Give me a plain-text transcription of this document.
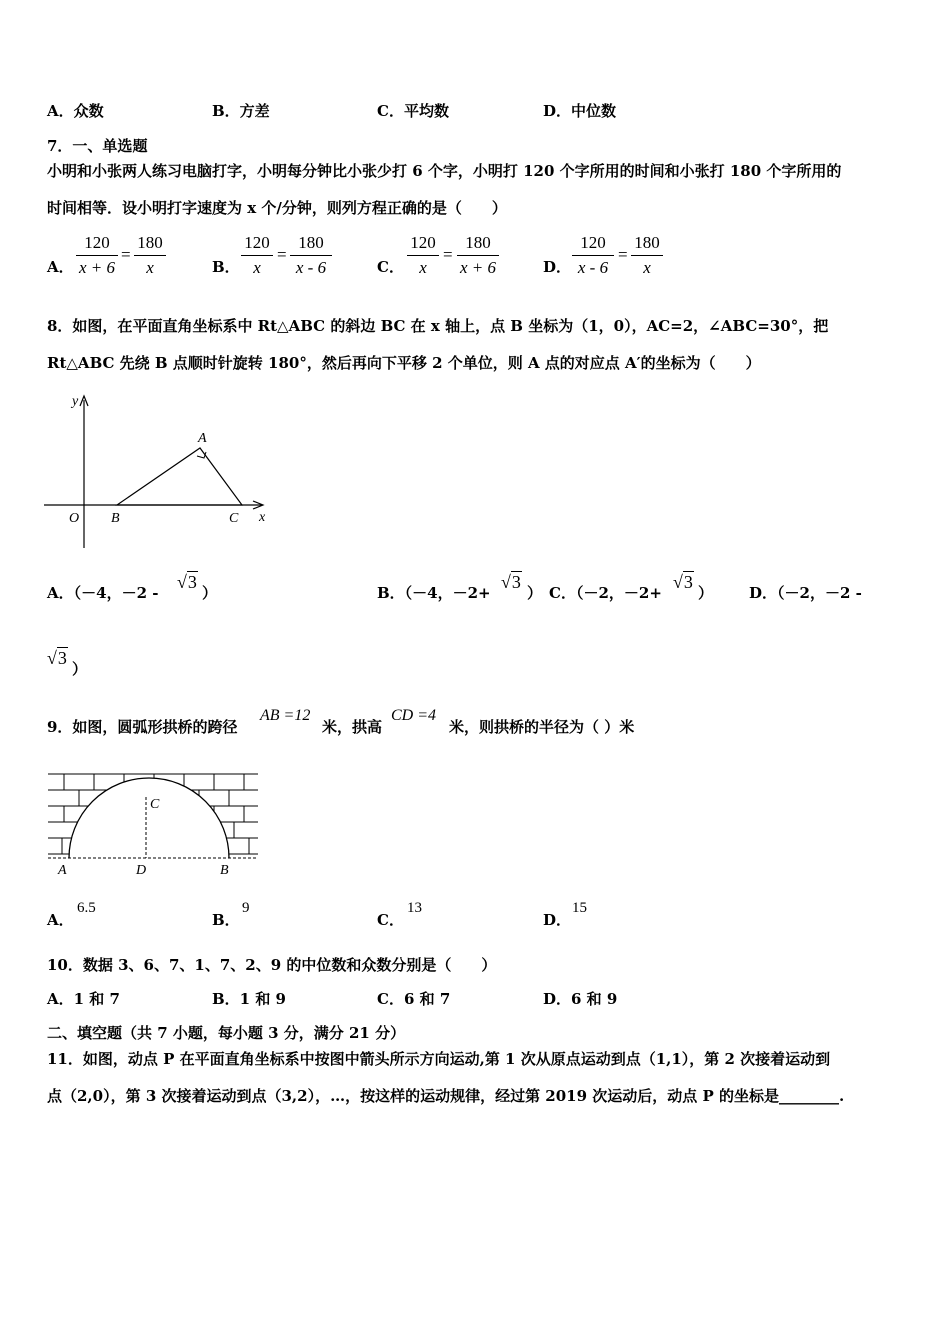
A．众数	B．方差	C．平均数	D．中位数
7．一、单选题
小明和小张两人练习电脑打字，小明每分钟比小张少打 6 个字，小明打 120 个字所用的时间和小张打 180 个字所用的
时间相等．设小明打字速度为 x 个/分钟，则列方程正确的是（　　）
A．
120
x + 6
=
180
x	B．
120
x
=
180
x - 6	C．
120
x
=
180
x + 6	D．
120
x - 6
=
180
x
8．如图，在平面直角坐标系中 Rt△ABC 的斜边 BC 在 x 轴上，点 B 坐标为（1，0），AC=2，∠ABC=30°，把
Rt△ABC 先绕 B 点顺时针旋转 180°，然后再向下平移 2 个单位，则 A 点的对应点 A′的坐标为（　　）
y
x
O
A
B	C
A．（－4，－2 -
√3
）	B．（－4，－2+
√3
） C．（－2，－2+
√3
） D．（－2，－2 -
√3
）
9．如图，圆弧形拱桥的跨径
AB =12
米，拱高
CD =4
米，则拱桥的半径为（ ）米
C
A	D	B
A．
6.5
B．
9
C．
13
D．
15
10．数据 3、6、7、1、7、2、9 的中位数和众数分别是（　　）
A．1 和 7	B．1 和 9	C．6 和 7	D．6 和 9
二、填空题（共 7 小题，每小题 3 分，满分 21 分）
11．如图，动点 P 在平面直角坐标系中按图中箭头所示方向运动,第 1 次从原点运动到点（1,1），第 2 次接着运动到
点（2,0），第 3 次接着运动到点（3,2），…，按这样的运动规律，经过第 2019 次运动后，动点 P 的坐标是________.
